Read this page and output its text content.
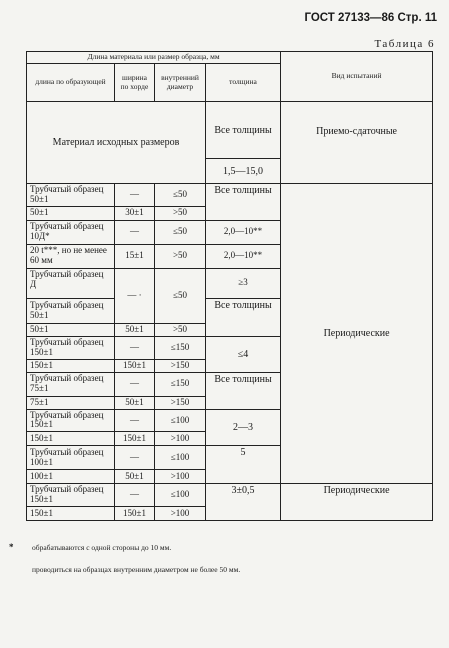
ГОСТ 27133—86 Стр. 11
Таблица 6
Длина материала или размер образца, мм				Вид испытаний	
длина по образующей	ширина по хорде	внутренний диаметр	толщина		
Материал исходных размеров			Все толщины	Приемо-сдаточные	
			1,5—15,0		
Трубчатый образец 50±1	—	≤50	Все толщины	Периодические	
50±1	30±1	>50			
Трубчатый образец 10Д*	—	≤50	2,0—10**		
20 t***, но не менее 60 мм	15±1	>50	2,0—10**		
Трубчатый образец Д	— ·	≤50	≥3		
Трубчатый образец 50±1			Все толщины		
50±1	50±1	>50			
Трубчатый образец 150±1	—	≤150	≤4		
150±1	150±1	>150			
Трубчатый образец 75±1	—	≤150	Все толщины		
75±1	50±1	>150			
Трубчатый образец 150±1	—	≤100	2—3		
150±1	150±1	>100			
Трубчатый образец 100±1	—	≤100	5	
100±1	50±1	>100			
Трубчатый образец 150±1	—	≤100	3±0,5	Периодические	
150±1	150±1	>100			
* обрабатываются с одной стороны до 10 мм.
проводиться на образцах внутренним диаметром не более 50 мм.
